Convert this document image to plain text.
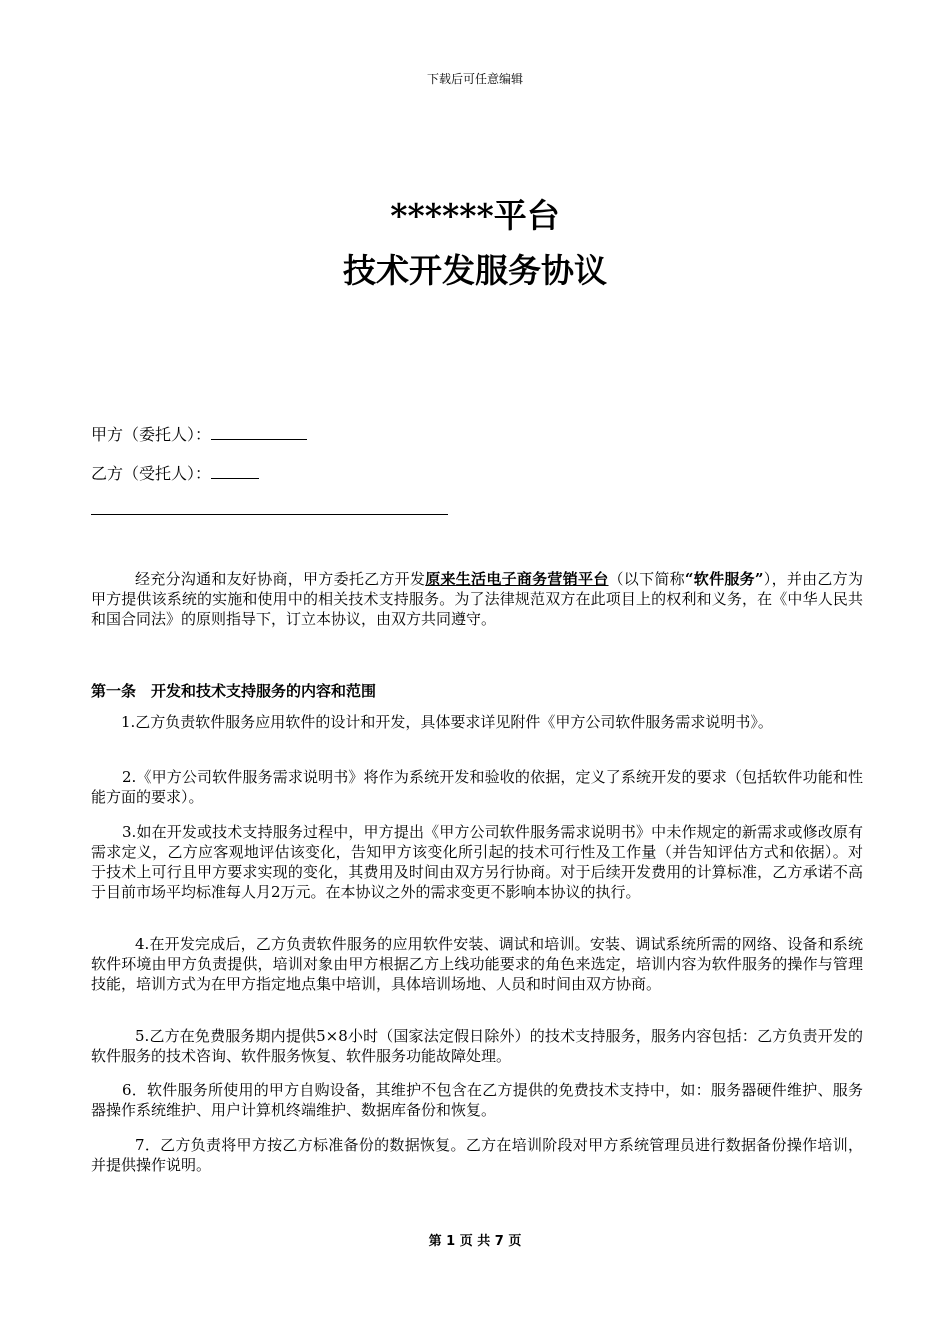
下载后可任意编辑
******平台
技术开发服务协议
甲方（委托人）：
乙方（受托人）：

经充分沟通和友好协商，甲方委托乙方开发原来生活电子商务营销平台（以下简称“软件服务”），并由乙方为甲方提供该系统的实施和使用中的相关技术支持服务。为了法律规范双方在此项目上的权利和义务，在《中华人民共和国合同法》的原则指导下，订立本协议，由双方共同遵守。

第一条　开发和技术支持服务的内容和范围

1.乙方负责软件服务应用软件的设计和开发，具体要求详见附件《甲方公司软件服务需求说明书》。

2.《甲方公司软件服务需求说明书》将作为系统开发和验收的依据，定义了系统开发的要求（包括软件功能和性能方面的要求）。

3.如在开发或技术支持服务过程中，甲方提出《甲方公司软件服务需求说明书》中未作规定的新需求或修改原有需求定义，乙方应客观地评估该变化，告知甲方该变化所引起的技术可行性及工作量（并告知评估方式和依据）。对于技术上可行且甲方要求实现的变化，其费用及时间由双方另行协商。对于后续开发费用的计算标准，乙方承诺不高于目前市场平均标准每人月2万元。在本协议之外的需求变更不影响本协议的执行。

4.在开发完成后，乙方负责软件服务的应用软件安装、调试和培训。安装、调试系统所需的网络、设备和系统软件环境由甲方负责提供，培训对象由甲方根据乙方上线功能要求的角色来选定，培训内容为软件服务的操作与管理技能，培训方式为在甲方指定地点集中培训，具体培训场地、人员和时间由双方协商。

5.乙方在免费服务期内提供5×8小时（国家法定假日除外）的技术支持服务，服务内容包括：乙方负责开发的软件服务的技术咨询、软件服务恢复、软件服务功能故障处理。

6．软件服务所使用的甲方自购设备，其维护不包含在乙方提供的免费技术支持中，如：服务器硬件维护、服务器操作系统维护、用户计算机终端维护、数据库备份和恢复。

7．乙方负责将甲方按乙方标准备份的数据恢复。乙方在培训阶段对甲方系统管理员进行数据备份操作培训，并提供操作说明。

第 1 页 共 7 页
